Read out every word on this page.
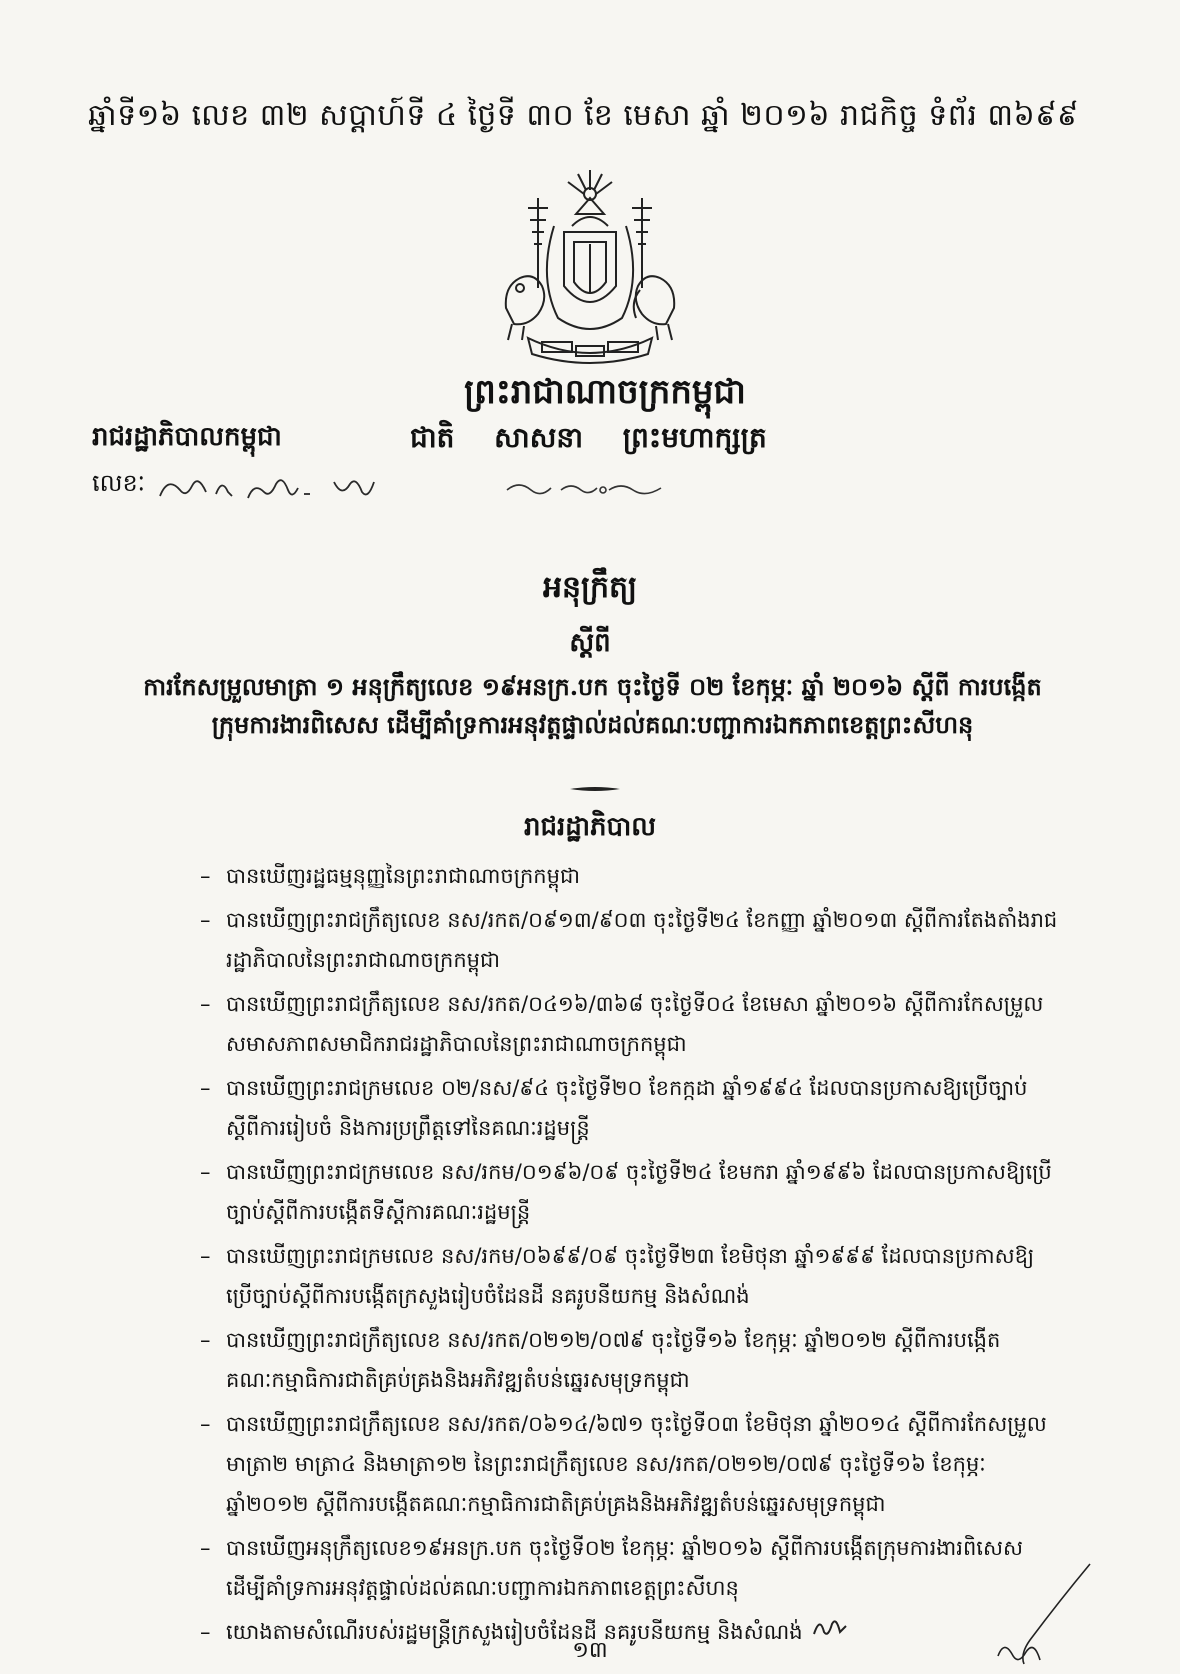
ឆ្នាំទី១៦ លេខ ៣២ សប្តាហ៍ទី ៤ ថ្ងៃទី ៣០ ខែ មេសា ឆ្នាំ ២០១៦ រាជកិច្ច ទំព័រ ៣៦៩៩
ព្រះរាជាណាចក្រកម្ពុជា
រាជរដ្ឋាភិបាលកម្ពុជា	ជាតិ សាសនា ព្រះមហាក្សត្រ
លេខៈ
អនុក្រឹត្យ
ស្តីពី
ការកែសម្រួលមាត្រា ១ អនុក្រឹត្យលេខ ១៩អនក្រ.បក ចុះថ្ងៃទី ០២ ខែកុម្ភៈ ឆ្នាំ ២០១៦ ស្តីពី ការបង្កើតក្រុមការងារពិសេស ដើម្បីគាំទ្រការអនុវត្តផ្ទាល់ដល់គណៈបញ្ជាការឯកភាពខេត្តព្រះសីហនុ
រាជរដ្ឋាភិបាល
– បានឃើញរដ្ឋធម្មនុញ្ញនៃព្រះរាជាណាចក្រកម្ពុជា
– បានឃើញព្រះរាជក្រឹត្យលេខ នស/រកត/០៩១៣/៩០៣ ចុះថ្ងៃទី២៤ ខែកញ្ញា ឆ្នាំ២០១៣ ស្តីពីការតែងតាំងរាជរដ្ឋាភិបាលនៃព្រះរាជាណាចក្រកម្ពុជា
– បានឃើញព្រះរាជក្រឹត្យលេខ នស/រកត/០៤១៦/៣៦៨ ចុះថ្ងៃទី០៤ ខែមេសា ឆ្នាំ២០១៦ ស្តីពីការកែសម្រួលសមាសភាពសមាជិករាជរដ្ឋាភិបាលនៃព្រះរាជាណាចក្រកម្ពុជា
– បានឃើញព្រះរាជក្រមលេខ ០២/នស/៩៤ ចុះថ្ងៃទី២០ ខែកក្កដា ឆ្នាំ១៩៩៤ ដែលបានប្រកាសឱ្យប្រើច្បាប់ស្តីពីការរៀបចំ និងការប្រព្រឹត្តទៅនៃគណៈរដ្ឋមន្ត្រី
– បានឃើញព្រះរាជក្រមលេខ នស/រកម/០១៩៦/០៩ ចុះថ្ងៃទី២៤ ខែមករា ឆ្នាំ១៩៩៦ ដែលបានប្រកាសឱ្យប្រើច្បាប់ស្តីពីការបង្កើតទីស្តីការគណៈរដ្ឋមន្ត្រី
– បានឃើញព្រះរាជក្រមលេខ នស/រកម/០៦៩៩/០៩ ចុះថ្ងៃទី២៣ ខែមិថុនា ឆ្នាំ១៩៩៩ ដែលបានប្រកាសឱ្យប្រើច្បាប់ស្តីពីការបង្កើតក្រសួងរៀបចំដែនដី នគរូបនីយកម្ម និងសំណង់
– បានឃើញព្រះរាជក្រឹត្យលេខ នស/រកត/០២១២/០៧៩ ចុះថ្ងៃទី១៦ ខែកុម្ភៈ ឆ្នាំ២០១២ ស្តីពីការបង្កើតគណៈកម្មាធិការជាតិគ្រប់គ្រងនិងអភិវឌ្ឍតំបន់ឆ្នេរសមុទ្រកម្ពុជា
– បានឃើញព្រះរាជក្រឹត្យលេខ នស/រកត/០៦១៤/៦៧១ ចុះថ្ងៃទី០៣ ខែមិថុនា ឆ្នាំ២០១៤ ស្តីពីការកែសម្រួលមាត្រា២ មាត្រា៤ និងមាត្រា១២ នៃព្រះរាជក្រឹត្យលេខ នស/រកត/០២១២/០៧៩ ចុះថ្ងៃទី១៦ ខែកុម្ភៈ ឆ្នាំ២០១២ ស្តីពីការបង្កើតគណៈកម្មាធិការជាតិគ្រប់គ្រងនិងអភិវឌ្ឍតំបន់ឆ្នេរសមុទ្រកម្ពុជា
– បានឃើញអនុក្រឹត្យលេខ១៩អនក្រ.បក ចុះថ្ងៃទី០២ ខែកុម្ភៈ ឆ្នាំ២០១៦ ស្តីពីការបង្កើតក្រុមការងារពិសេសដើម្បីគាំទ្រការអនុវត្តផ្ទាល់ដល់គណៈបញ្ជាការឯកភាពខេត្តព្រះសីហនុ
– យោងតាមសំណើរបស់រដ្ឋមន្ត្រីក្រសួងរៀបចំដែនដី នគរូបនីយកម្ម និងសំណង់
១៣
